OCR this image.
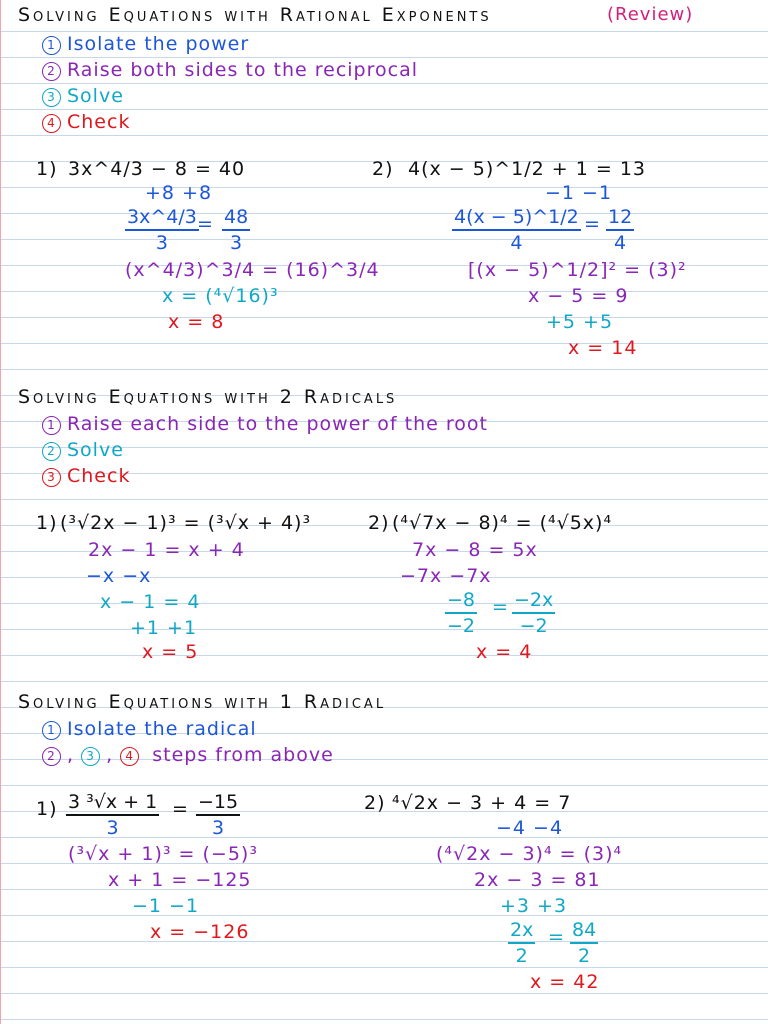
Solving Equations with Rational Exponents	(Review)
1 Isolate the power
2 Raise both sides to the reciprocal
3 Solve
4 Check
1) 3x^4/3 − 8 = 40
+8 +8
$\frac{3x\^{}4/3}{3}$
= $\frac{48}{3}$
(x^4/3)^3/4 = (16)^3/4
x = (⁴√16)³
x = 8
2) 4(x − 5)^1/2 + 1 = 13
−1 −1
$\frac{4(x - 5)\^{}1/2}{4} = \frac{12}{4}$
[(x − 5)^1/2]² = (3)²
x − 5 = 9
+5 +5
x = 14
Solving Equations with 2 Radicals
1 Raise each side to the power of the root
2 Solve
3 Check
1) (³√2x − 1)³ = (³√x + 4)³
2x − 1 = x + 4
−x −x
x − 1 = 4
+1 +1
x = 5
2) (⁴√7x − 8)⁴ = (⁴√5x)⁴
7x − 8 = 5x
−7x −7x
$\frac{-8}{-2} = \frac{-2x}{-2}$
x = 4
Solving Equations with 1 Radical
1 Isolate the radical
2 , 3 , 4 steps from above
$1) \frac{\text{3 ³√x + 1}}{3} = \frac{-15}{3}$
(³√x + 1)³ = (−5)³
x + 1 = −125
−1 −1
x = −126
2) ⁴√2x − 3 + 4 = 7
−4 −4
(⁴√2x − 3)⁴ = (3)⁴
2x − 3 = 81
+3 +3
$\frac{2x}{2} = \frac{84}{2}$
x = 42
